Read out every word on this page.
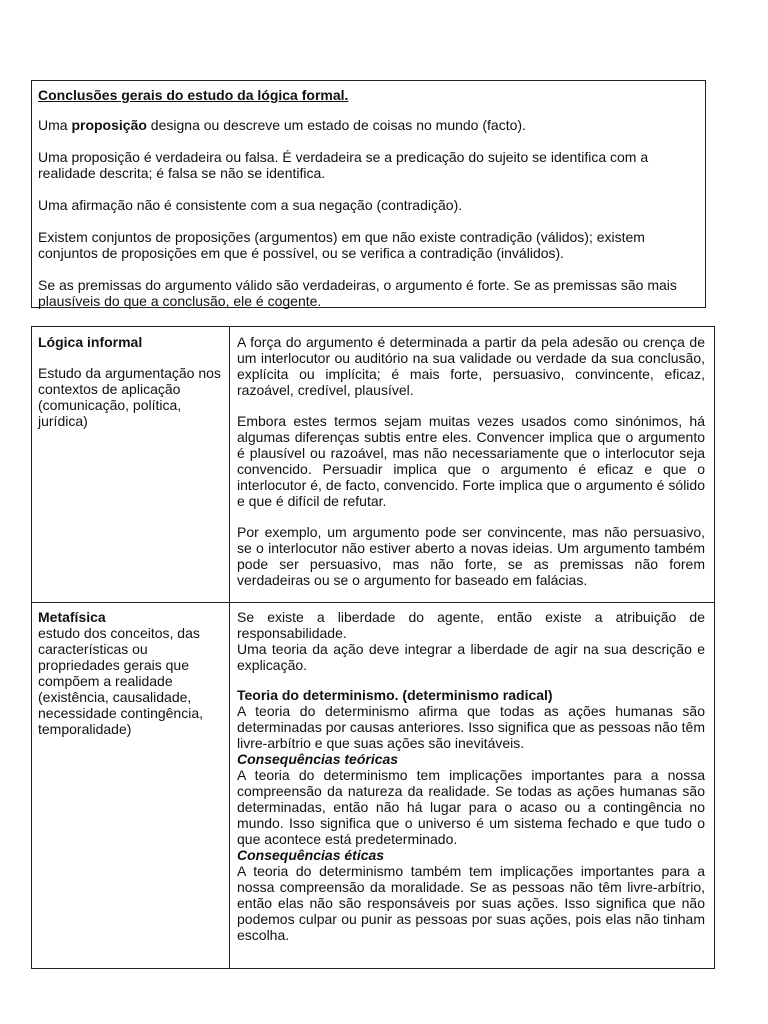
Conclusões gerais do estudo da lógica formal.

Uma proposição designa ou descreve um estado de coisas no mundo (facto).

Uma proposição é verdadeira ou falsa. É verdadeira se a predicação do sujeito se identifica com a realidade descrita; é falsa se não se identifica.

Uma afirmação não é consistente com a sua negação (contradição).

Existem conjuntos de proposições (argumentos) em que não existe contradição (válidos); existem conjuntos de proposições em que é possível, ou se verifica a contradição (inválidos).

Se as premissas do argumento válido são verdadeiras, o argumento é forte. Se as premissas são mais plausíveis do que a conclusão, ele é cogente.

Lógica informal

Estudo da argumentação nos contextos de aplicação (comunicação, política, jurídica)

A força do argumento é determinada a partir da pela adesão ou crença de um interlocutor ou auditório na sua validade ou verdade da sua conclusão, explícita ou implícita; é mais forte, persuasivo, convincente, eficaz, razoável, credível, plausível.

Embora estes termos sejam muitas vezes usados como sinónimos, há algumas diferenças subtis entre eles. Convencer implica que o argumento é plausível ou razoável, mas não necessariamente que o interlocutor seja convencido. Persuadir implica que o argumento é eficaz e que o interlocutor é, de facto, convencido. Forte implica que o argumento é sólido e que é difícil de refutar.

Por exemplo, um argumento pode ser convincente, mas não persuasivo, se o interlocutor não estiver aberto a novas ideias. Um argumento também pode ser persuasivo, mas não forte, se as premissas não forem verdadeiras ou se o argumento for baseado em falácias.

Metafísica

estudo dos conceitos, das características ou propriedades gerais que compõem a realidade (existência, causalidade, necessidade contingência, temporalidade)

Se existe a liberdade do agente, então existe a atribuição de responsabilidade.

Uma teoria da ação deve integrar a liberdade de agir na sua descrição e explicação.

Teoria do determinismo. (determinismo radical)

A teoria do determinismo afirma que todas as ações humanas são determinadas por causas anteriores. Isso significa que as pessoas não têm livre-arbítrio e que suas ações são inevitáveis.

Consequências teóricas

A teoria do determinismo tem implicações importantes para a nossa compreensão da natureza da realidade. Se todas as ações humanas são determinadas, então não há lugar para o acaso ou a contingência no mundo. Isso significa que o universo é um sistema fechado e que tudo o que acontece está predeterminado.

Consequências éticas

A teoria do determinismo também tem implicações importantes para a nossa compreensão da moralidade. Se as pessoas não têm livre-arbítrio, então elas não são responsáveis por suas ações. Isso significa que não podemos culpar ou punir as pessoas por suas ações, pois elas não tinham escolha.
